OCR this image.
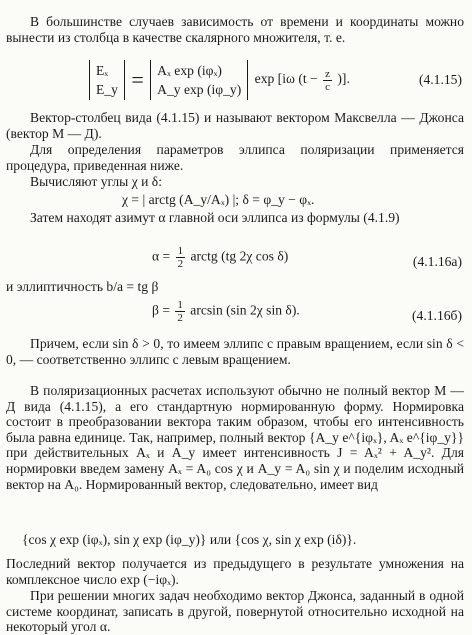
В большинстве случаев зависимость от времени и координаты можно вынести из столбца в качестве скалярного множителя, т. е.
Eₓ
E_y = Aₓ exp (iφₓ)
A_y exp (iφ_y)
exp [iω ($t - \frac{z}{c}$ )].	(4.1.15)
Вектор-столбец вида (4.1.15) и называют вектором Максвелла — Джонса (вектор М — Д).
Для определения параметров эллипса поляризации применяется процедура, приведенная ниже.
Вычисляют углы χ и δ:
χ = | arctg (A_y/Aₓ) |; δ = φ_y − φₓ.
Затем находят азимут α главной оси эллипса из формулы (4.1.9)
$\alpha = \frac{1}{2}$ arctg (tg 2χ cos δ)	(4.1.16а)
и эллиптичность b/a = tg β
$\beta = \frac{1}{2}$ arcsin (sin 2χ sin δ).	(4.1.16б)
Причем, если sin δ > 0, то имеем эллипс с правым вращением, если sin δ < 0, — соответственно эллипс с левым вращением.
В поляризационных расчетах используют обычно не полный вектор М — Д вида (4.1.15), а его стандартную нормированную форму. Нормировка состоит в преобразовании вектора таким образом, чтобы его интенсивность была равна единице. Так, например, полный вектор {A_y e^{iφₓ}, Aₓ e^{iφ_y}} при действительных Aₓ и A_y имеет интенсивность J = Aₓ² + A_y². Для нормировки введем замену Aₓ = A₀ cos χ и A_y = A₀ sin χ и поделим исходный вектор на A₀. Нормированный вектор, следовательно, имеет вид
{cos χ exp (iφₓ), sin χ exp (iφ_y)} или {cos χ, sin χ exp (iδ)}.
Последний вектор получается из предыдущего в результате умножения на комплексное число exp (−iφₓ).
При решении многих задач необходимо вектор Джонса, заданный в одной системе координат, записать в другой, повернутой относительно исходной на некоторый угол α.
